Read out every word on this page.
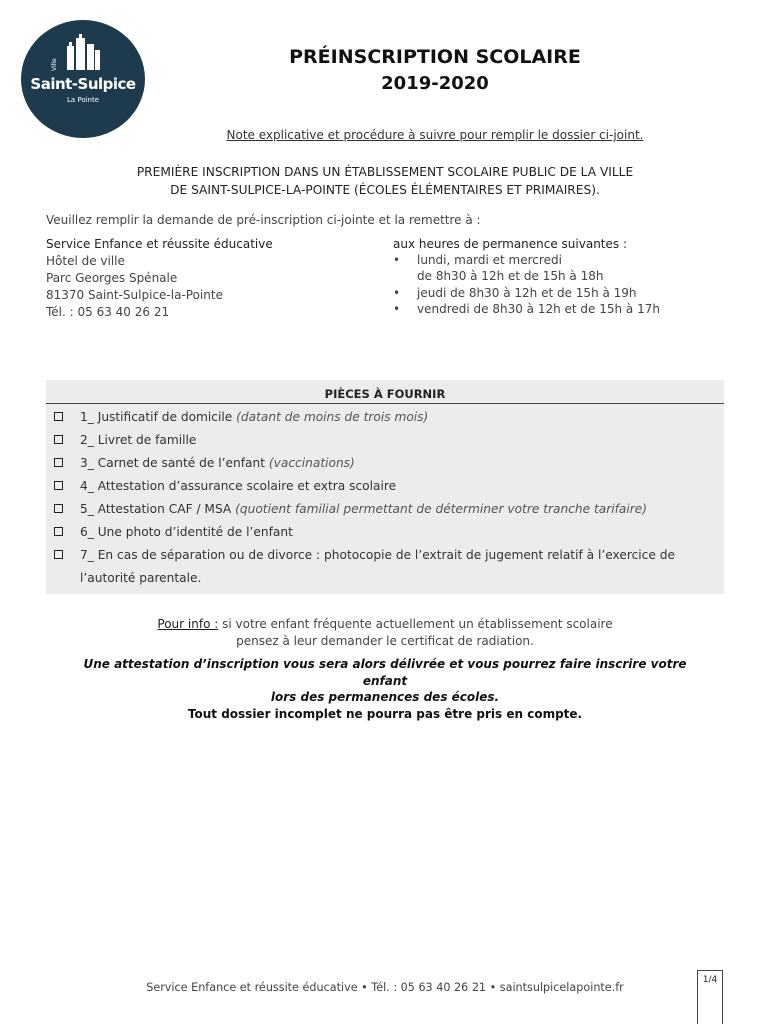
Ville
Saint-Sulpice
La Pointe
PRÉINSCRIPTION SCOLAIRE
2019-2020
Note explicative et procédure à suivre pour remplir le dossier ci-joint.
PREMIÈRE INSCRIPTION DANS UN ÉTABLISSEMENT SCOLAIRE PUBLIC DE LA VILLE
DE SAINT-SULPICE-LA-POINTE (ÉCOLES ÉLÉMENTAIRES ET PRIMAIRES).
Veuillez remplir la demande de pré-inscription ci-jointe et la remettre à :
Service Enfance et réussite éducative
Hôtel de ville
Parc Georges Spénale
81370 Saint-Sulpice-la-Pointe
Tél. : 05 63 40 26 21
aux heures de permanence suivantes :
• lundi, mardi et mercredi
de 8h30 à 12h et de 15h à 18h
• jeudi de 8h30 à 12h et de 15h à 19h
• vendredi de 8h30 à 12h et de 15h à 17h
PIÈCES À FOURNIR
1_ Justificatif de domicile (datant de moins de trois mois)
2_ Livret de famille
3_ Carnet de santé de l’enfant (vaccinations)
4_ Attestation d’assurance scolaire et extra scolaire
5_ Attestation CAF / MSA (quotient familial permettant de déterminer votre tranche tarifaire)
6_ Une photo d’identité de l’enfant
7_ En cas de séparation ou de divorce : photocopie de l’extrait de jugement relatif à l’exercice de
l’autorité parentale.
Pour info : si votre enfant fréquente actuellement un établissement scolaire
pensez à leur demander le certificat de radiation.
Une attestation d’inscription vous sera alors délivrée et vous pourrez faire inscrire votre enfant
lors des permanences des écoles.
Tout dossier incomplet ne pourra pas être pris en compte.
Service Enfance et réussite éducative • Tél. : 05 63 40 26 21 • saintsulpicelapointe.fr
1/4
